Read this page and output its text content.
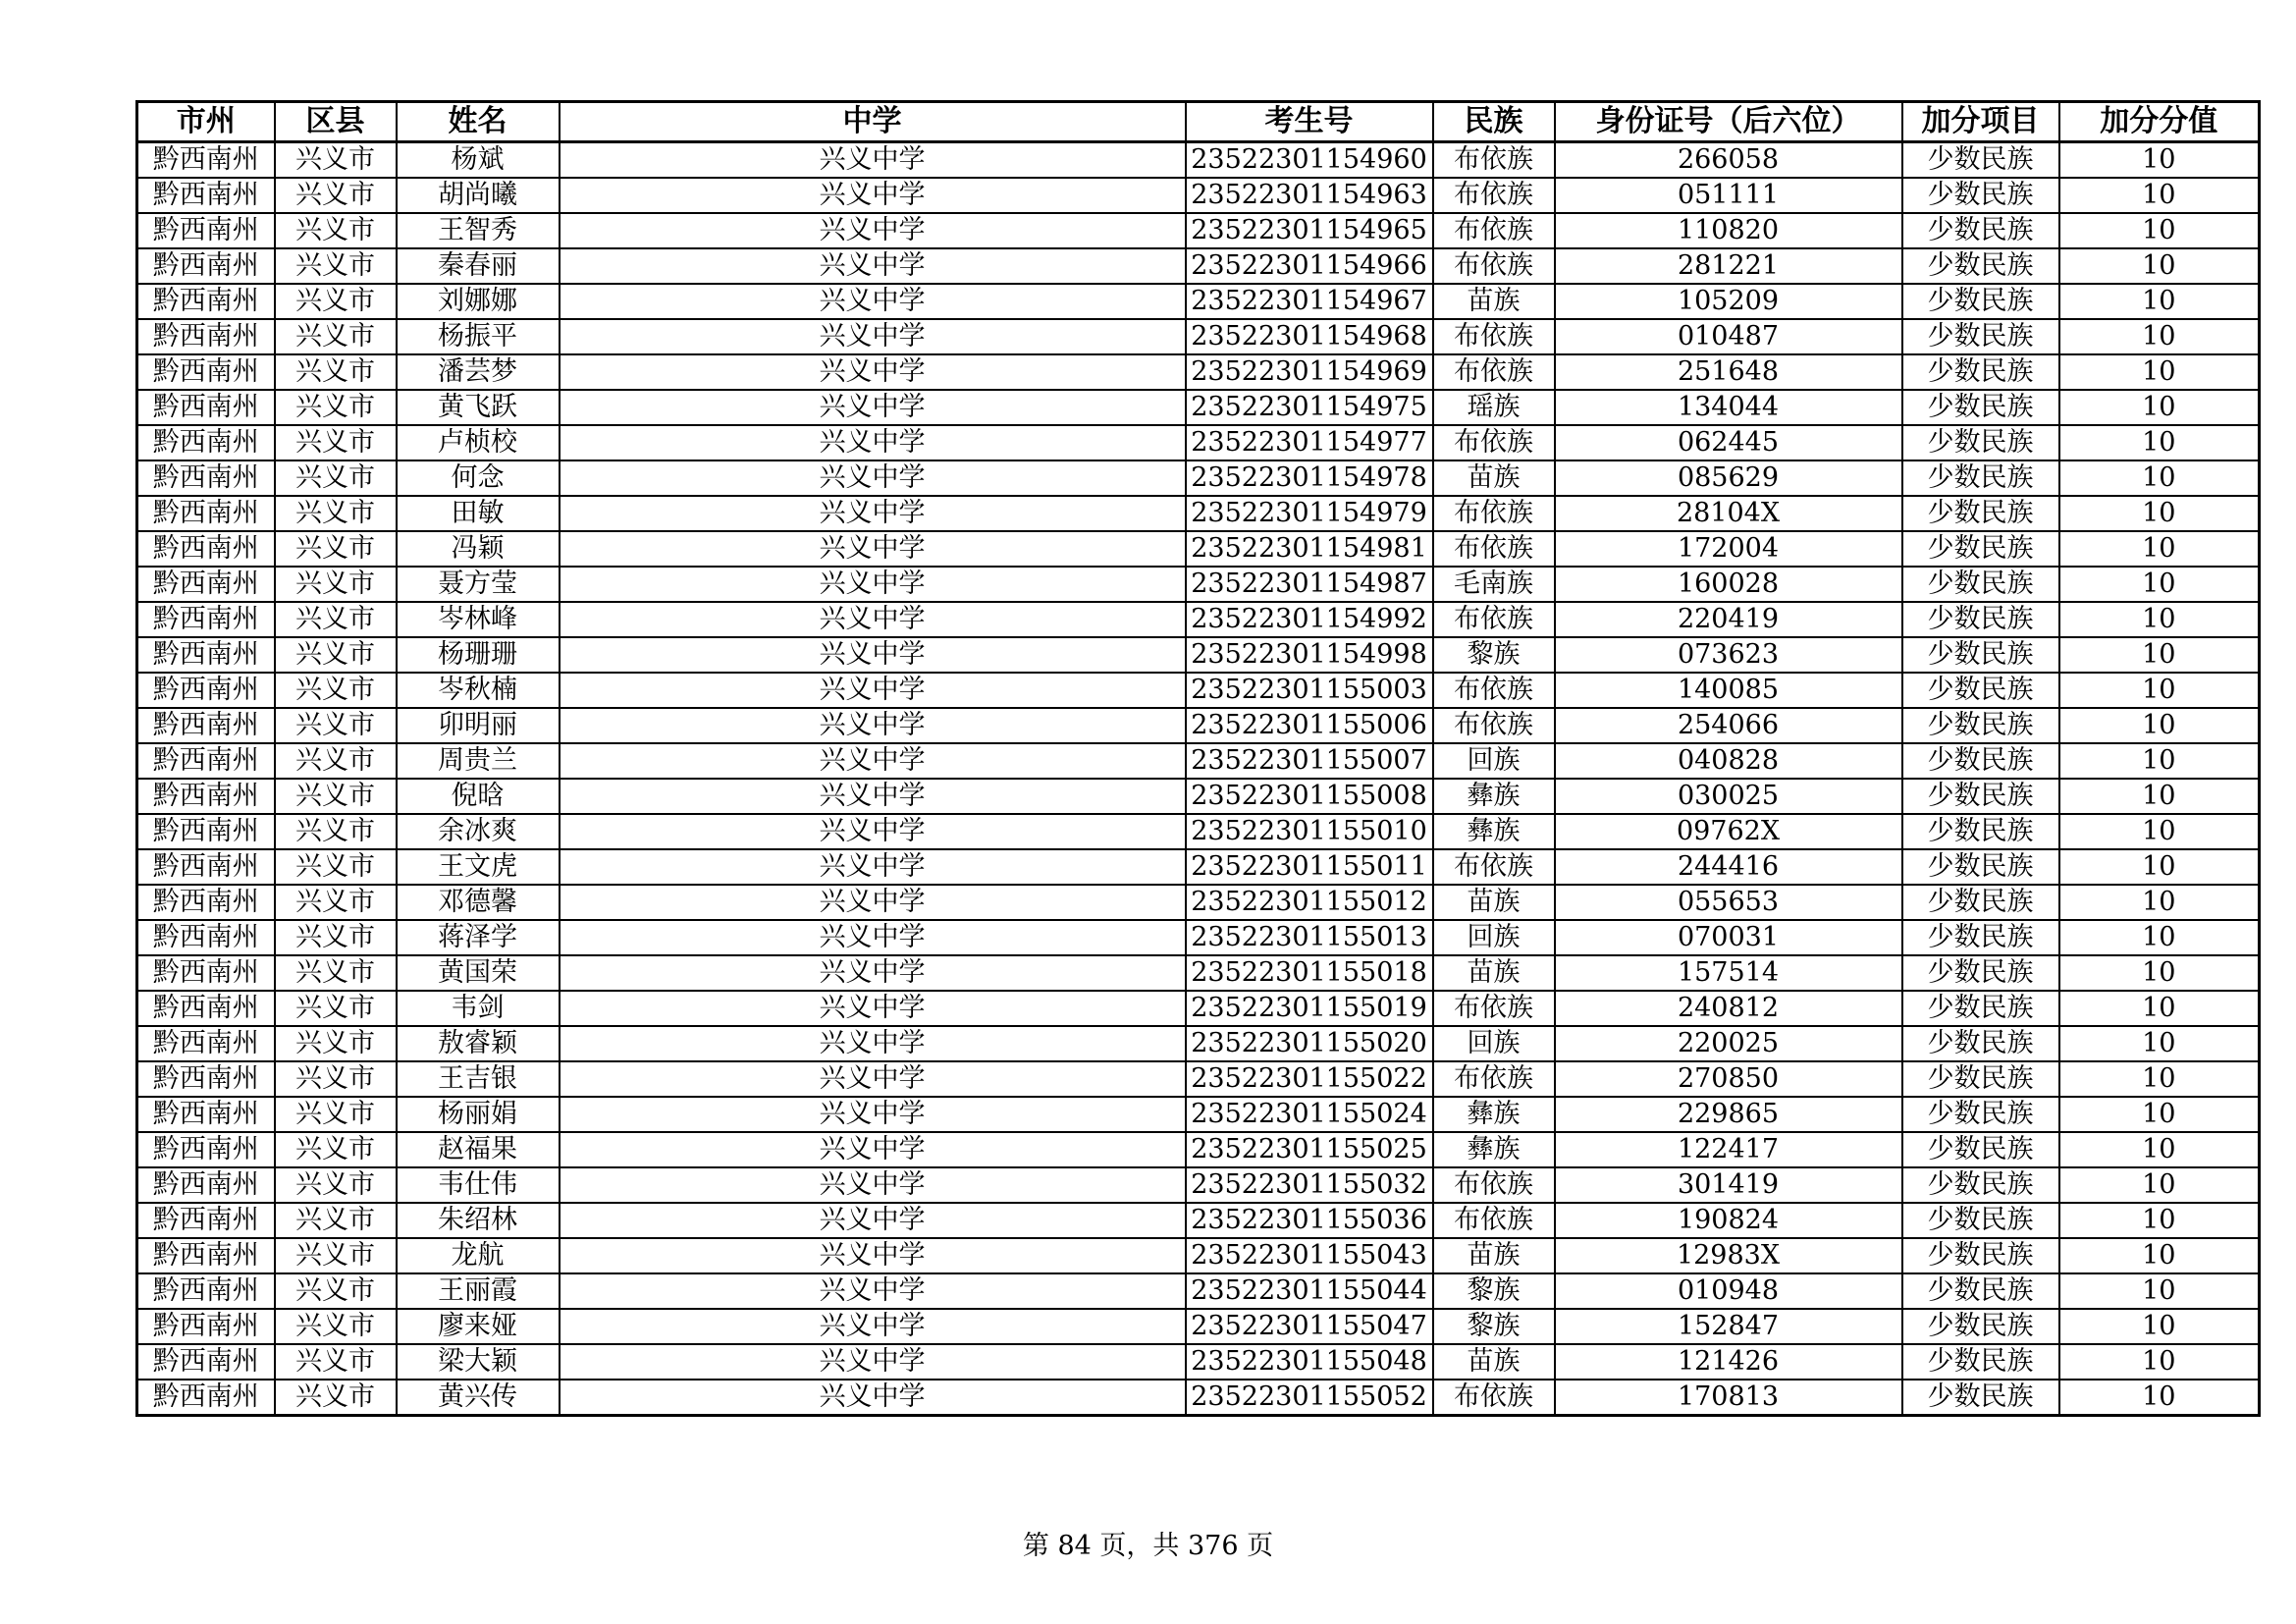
市州	区县	姓名	中学	考生号	民族	身份证号（后六位）	加分项目	加分分值
黔西南州	兴义市	杨斌	兴义中学	23522301154960	布依族	266058	少数民族	10
黔西南州	兴义市	胡尚曦	兴义中学	23522301154963	布依族	051111	少数民族	10
黔西南州	兴义市	王智秀	兴义中学	23522301154965	布依族	110820	少数民族	10
黔西南州	兴义市	秦春丽	兴义中学	23522301154966	布依族	281221	少数民族	10
黔西南州	兴义市	刘娜娜	兴义中学	23522301154967	苗族	105209	少数民族	10
黔西南州	兴义市	杨振平	兴义中学	23522301154968	布依族	010487	少数民族	10
黔西南州	兴义市	潘芸梦	兴义中学	23522301154969	布依族	251648	少数民族	10
黔西南州	兴义市	黄飞跃	兴义中学	23522301154975	瑶族	134044	少数民族	10
黔西南州	兴义市	卢桢校	兴义中学	23522301154977	布依族	062445	少数民族	10
黔西南州	兴义市	何念	兴义中学	23522301154978	苗族	085629	少数民族	10
黔西南州	兴义市	田敏	兴义中学	23522301154979	布依族	28104X	少数民族	10
黔西南州	兴义市	冯颖	兴义中学	23522301154981	布依族	172004	少数民族	10
黔西南州	兴义市	聂方莹	兴义中学	23522301154987	毛南族	160028	少数民族	10
黔西南州	兴义市	岑林峰	兴义中学	23522301154992	布依族	220419	少数民族	10
黔西南州	兴义市	杨珊珊	兴义中学	23522301154998	黎族	073623	少数民族	10
黔西南州	兴义市	岑秋楠	兴义中学	23522301155003	布依族	140085	少数民族	10
黔西南州	兴义市	卯明丽	兴义中学	23522301155006	布依族	254066	少数民族	10
黔西南州	兴义市	周贵兰	兴义中学	23522301155007	回族	040828	少数民族	10
黔西南州	兴义市	倪晗	兴义中学	23522301155008	彝族	030025	少数民族	10
黔西南州	兴义市	余冰爽	兴义中学	23522301155010	彝族	09762X	少数民族	10
黔西南州	兴义市	王文虎	兴义中学	23522301155011	布依族	244416	少数民族	10
黔西南州	兴义市	邓德馨	兴义中学	23522301155012	苗族	055653	少数民族	10
黔西南州	兴义市	蒋泽学	兴义中学	23522301155013	回族	070031	少数民族	10
黔西南州	兴义市	黄国荣	兴义中学	23522301155018	苗族	157514	少数民族	10
黔西南州	兴义市	韦剑	兴义中学	23522301155019	布依族	240812	少数民族	10
黔西南州	兴义市	敖睿颖	兴义中学	23522301155020	回族	220025	少数民族	10
黔西南州	兴义市	王吉银	兴义中学	23522301155022	布依族	270850	少数民族	10
黔西南州	兴义市	杨丽娟	兴义中学	23522301155024	彝族	229865	少数民族	10
黔西南州	兴义市	赵福果	兴义中学	23522301155025	彝族	122417	少数民族	10
黔西南州	兴义市	韦仕伟	兴义中学	23522301155032	布依族	301419	少数民族	10
黔西南州	兴义市	朱绍林	兴义中学	23522301155036	布依族	190824	少数民族	10
黔西南州	兴义市	龙航	兴义中学	23522301155043	苗族	12983X	少数民族	10
黔西南州	兴义市	王丽霞	兴义中学	23522301155044	黎族	010948	少数民族	10
黔西南州	兴义市	廖来娅	兴义中学	23522301155047	黎族	152847	少数民族	10
黔西南州	兴义市	梁大颖	兴义中学	23522301155048	苗族	121426	少数民族	10
黔西南州	兴义市	黄兴传	兴义中学	23522301155052	布依族	170813	少数民族	10
第 84 页，共 376 页
